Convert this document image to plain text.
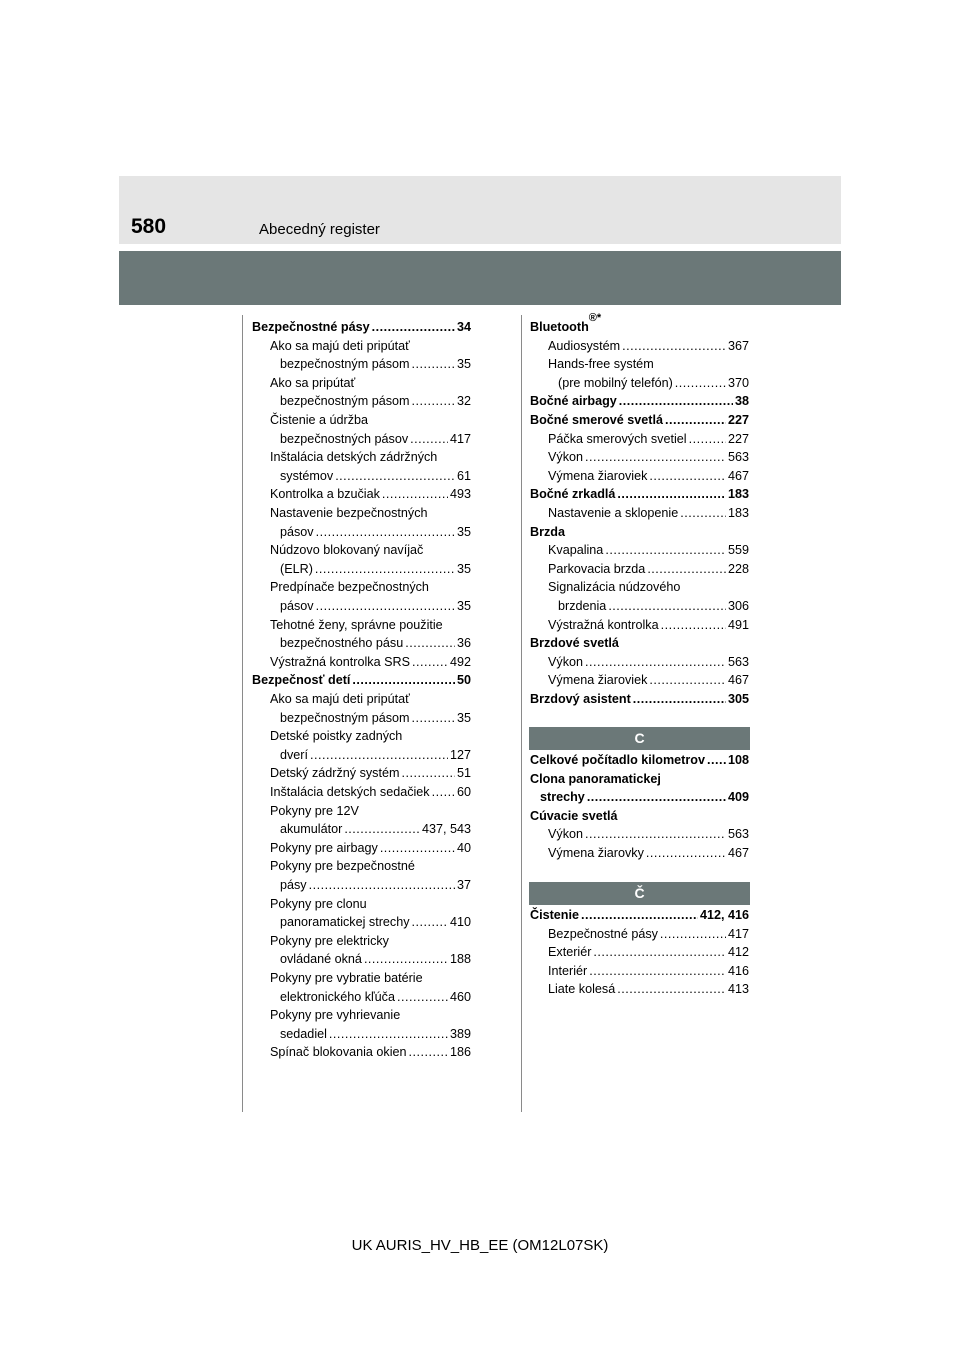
580	Abecedný register
Bezpečnostné pásy .....	34
Ako sa majú deti pripútať
bezpečnostným pásom .....	35
Ako sa pripútať
bezpečnostným pásom .....	32
Čistenie a údržba
bezpečnostných pásov .....	417
Inštalácia detských zádržných
systémov .....	61
Kontrolka a bzučiak .....	493
Nastavenie bezpečnostných
pásov .....	35
Núdzovo blokovaný navíjač
(ELR) .....	35
Predpínače bezpečnostných
pásov .....	35
Tehotné ženy, správne použitie
bezpečnostného pásu .....	36
Výstražná kontrolka SRS .....	492
Bezpečnosť detí .....	50
Ako sa majú deti pripútať
bezpečnostným pásom .....	35
Detské poistky zadných
dverí .....	127
Detský zádržný systém .....	51
Inštalácia detských sedačiek ..... 60
Pokyny pre 12V
akumulátor .....	437, 543
Pokyny pre airbagy .....	40
Pokyny pre bezpečnostné
pásy .....	37
Pokyny pre clonu
panoramatickej strechy .....	410
Pokyny pre elektricky
ovládané okná .....	188
Pokyny pre vybratie batérie
elektronického kľúča .....	460
Pokyny pre vyhrievanie
sedadiel .....	389
Spínač blokovania okien .....	186
Bluetooth
®*
Audiosystém .....	367
Hands-free systém
(pre mobilný telefón) .....	370
Bočné airbagy .....	38
Bočné smerové svetlá .....	227
Páčka smerových svetiel .....	227
Výkon .....	563
Výmena žiaroviek .....	467
Bočné zrkadlá .....	183
Nastavenie a sklopenie .....	183
Brzda
Kvapalina .....	559
Parkovacia brzda .....	228
Signalizácia núdzového
brzdenia .....	306
Výstražná kontrolka .....	491
Brzdové svetlá
Výkon .....	563
Výmena žiaroviek .....	467
Brzdový asistent .....	305
C
Celkové počítadlo kilometrov ..... 108
Clona panoramatickej
strechy .....	409
Cúvacie svetlá
Výkon .....	563
Výmena žiarovky .....	467
Č
Čistenie .....	412, 416
Bezpečnostné pásy .....	417
Exteriér .....	412
Interiér .....	416
Liate kolesá .....	413
UK AURIS_HV_HB_EE (OM12L07SK)
